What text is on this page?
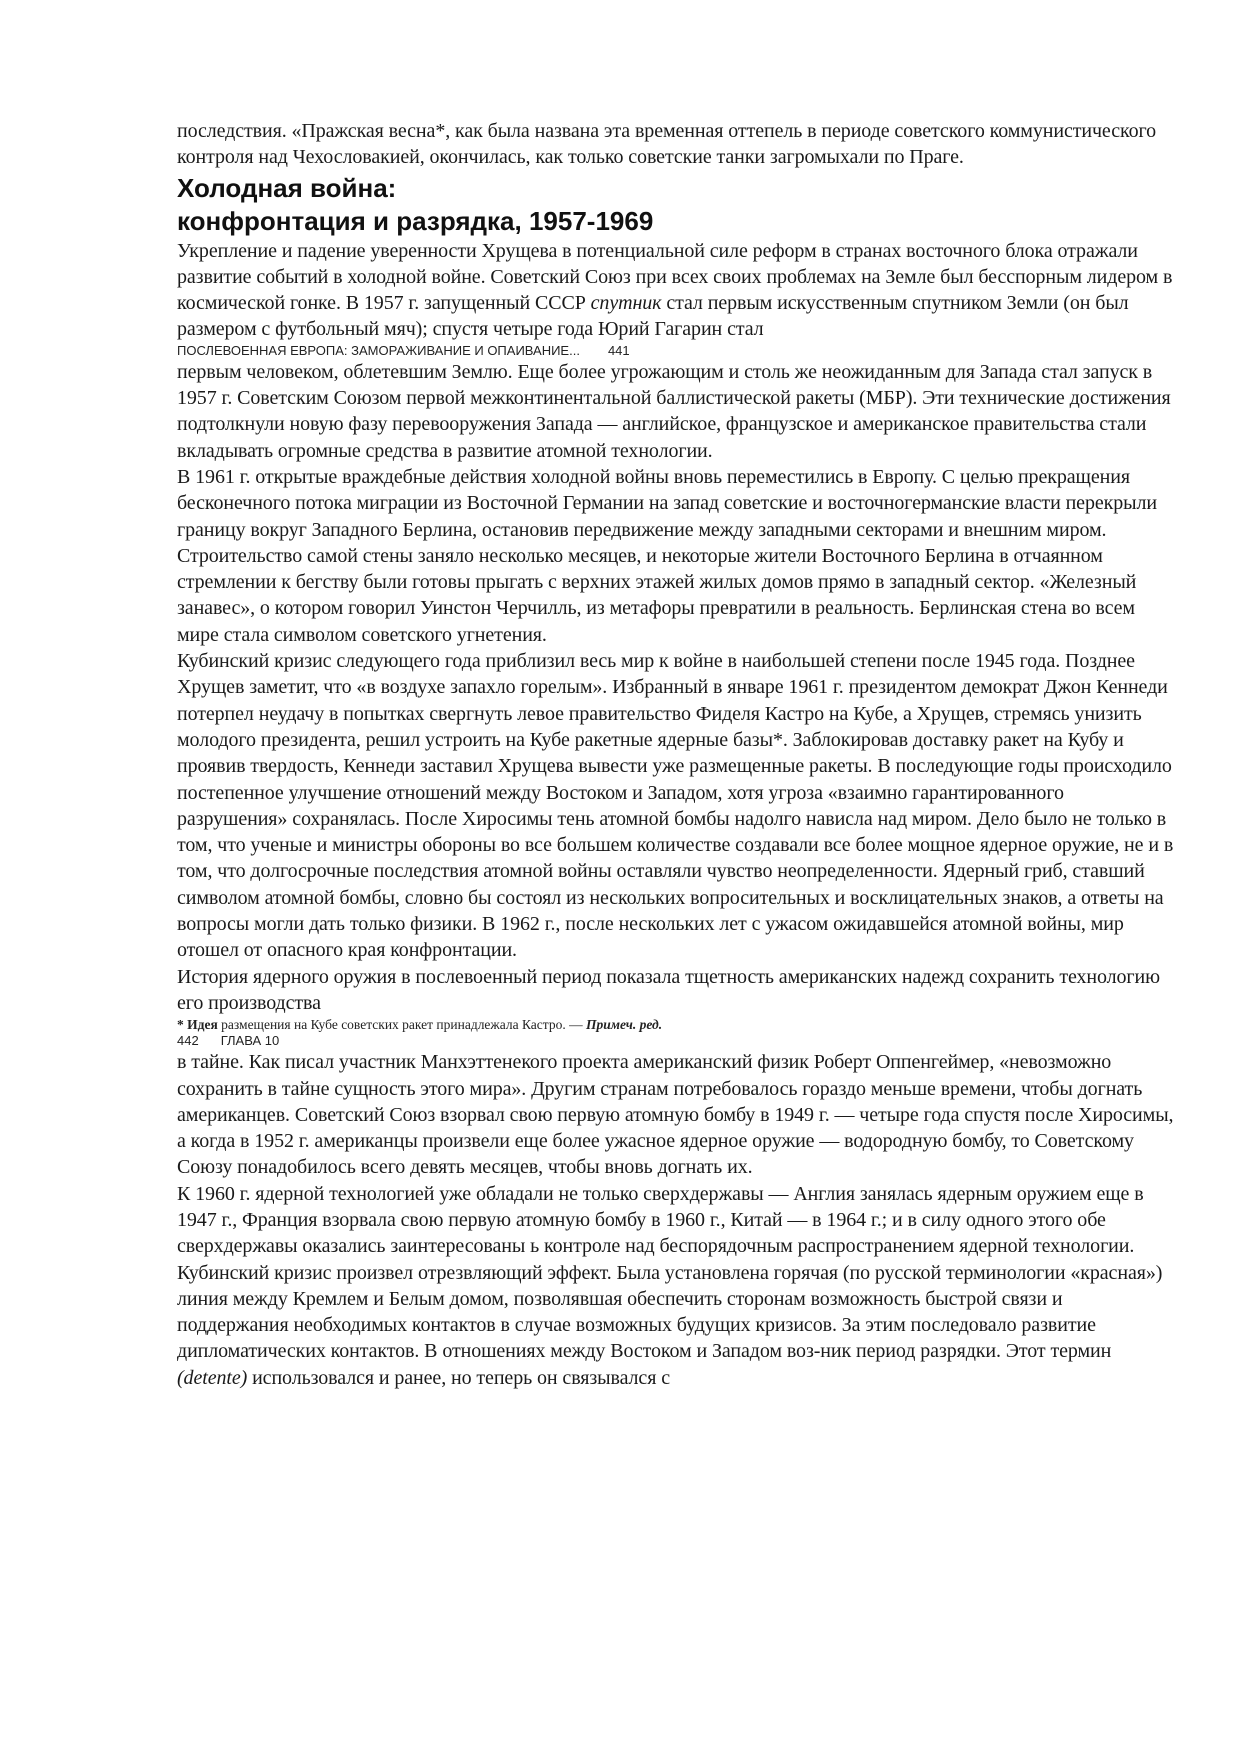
последствия. «Пражская весна*, как была названа эта временная оттепель в периоде советского коммунистического контроля над Чехословакией, окончилась, как только советские танки загромыхали по Праге.

Холодная война:
конфронтация и разрядка, 1957-1969

Укрепление и падение уверенности Хрущева в потенциальной силе реформ в странах восточного блока отражали развитие событий в холодной войне. Советский Союз при всех своих проблемах на Земле был бесспорным лидером в космической гонке. В 1957 г. запущенный СССР спутник стал первым искусственным спутником Земли (он был размером с футбольный мяч); спустя четыре года Юрий Гагарин стал

ПОСЛЕВОЕННАЯ ЕВРОПА: ЗАМОРАЖИВАНИЕ И ОПАИВАНИЕ... 441

первым человеком, облетевшим Землю. Еще более угрожающим и столь же неожиданным для Запада стал запуск в 1957 г. Советским Союзом первой межконтинентальной баллистической ракеты (МБР). Эти технические достижения подтолкнули новую фазу перевооружения Запада — английское, французское и американское правительства стали вкладывать огромные средства в развитие атомной технологии.

В 1961 г. открытые враждебные действия холодной войны вновь переместились в Европу. С целью прекращения бесконечного потока миграции из Восточной Германии на запад советские и восточногерманские власти перекрыли границу вокруг Западного Берлина, остановив передвижение между западными секторами и внешним миром. Строительство самой стены заняло несколько месяцев, и некоторые жители Восточного Берлина в отчаянном стремлении к бегству были готовы прыгать с верхних этажей жилых домов прямо в западный сектор. «Железный занавес», о котором говорил Уинстон Черчилль, из метафоры превратили в реальность. Берлинская стена во всем мире стала символом советского угнетения.

Кубинский кризис следующего года приблизил весь мир к войне в наибольшей степени после 1945 года. Позднее Хрущев заметит, что «в воздухе запахло горелым». Избранный в январе 1961 г. президентом демократ Джон Кеннеди потерпел неудачу в попытках свергнуть левое правительство Фиделя Кастро на Кубе, а Хрущев, стремясь унизить молодого президента, решил устроить на Кубе ракетные ядерные базы*. Заблокировав доставку ракет на Кубу и проявив твердость, Кеннеди заставил Хрущева вывести уже размещенные ракеты. В последующие годы происходило постепенное улучшение отношений между Востоком и Западом, хотя угроза «взаимно гарантированного разрушения» сохранялась. После Хиросимы тень атомной бомбы надолго нависла над миром. Дело было не только в том, что ученые и министры обороны во все большем количестве создавали все более мощное ядерное оружие, не и в том, что долгосрочные последствия атомной войны оставляли чувство неопределенности. Ядерный гриб, ставший символом атомной бомбы, словно бы состоял из нескольких вопросительных и восклицательных знаков, а ответы на вопросы могли дать только физики. В 1962 г., после нескольких лет с ужасом ожидавшейся атомной войны, мир отошел от опасного края конфронтации.

История ядерного оружия в послевоенный период показала тщетность американских надежд сохранить технологию его производства

* Идея размещения на Кубе советских ракет принадлежала Кастро. — Примеч. ред.

442 ГЛАВА 10

в тайне. Как писал участник Манхэттенекого проекта американский физик Роберт Оппенгеймер, «невозможно сохранить в тайне сущность этого мира». Другим странам потребовалось гораздо меньше времени, чтобы догнать американцев. Советский Союз взорвал свою первую атомную бомбу в 1949 г. — четыре года спустя после Хиросимы, а когда в 1952 г. американцы произвели еще более ужасное ядерное оружие — водородную бомбу, то Советскому Союзу понадобилось всего девять месяцев, чтобы вновь догнать их.

К 1960 г. ядерной технологией уже обладали не только сверхдержавы — Англия занялась ядерным оружием еще в 1947 г., Франция взорвала свою первую атомную бомбу в 1960 г., Китай — в 1964 г.; и в силу одного этого обе сверхдержавы оказались заинтересованы ь контроле над беспорядочным распространением ядерной технологии. Кубинский кризис произвел отрезвляющий эффект. Была установлена горячая (по русской терминологии «красная») линия между Кремлем и Белым домом, позволявшая обеспечить сторонам возможность быстрой связи и поддержания необходимых контактов в случае возможных будущих кризисов. За этим последовало развитие дипломатических контактов. В отношениях между Востоком и Западом воз-ник период разрядки. Этот термин (detente) использовался и ранее, но теперь он связывался с
